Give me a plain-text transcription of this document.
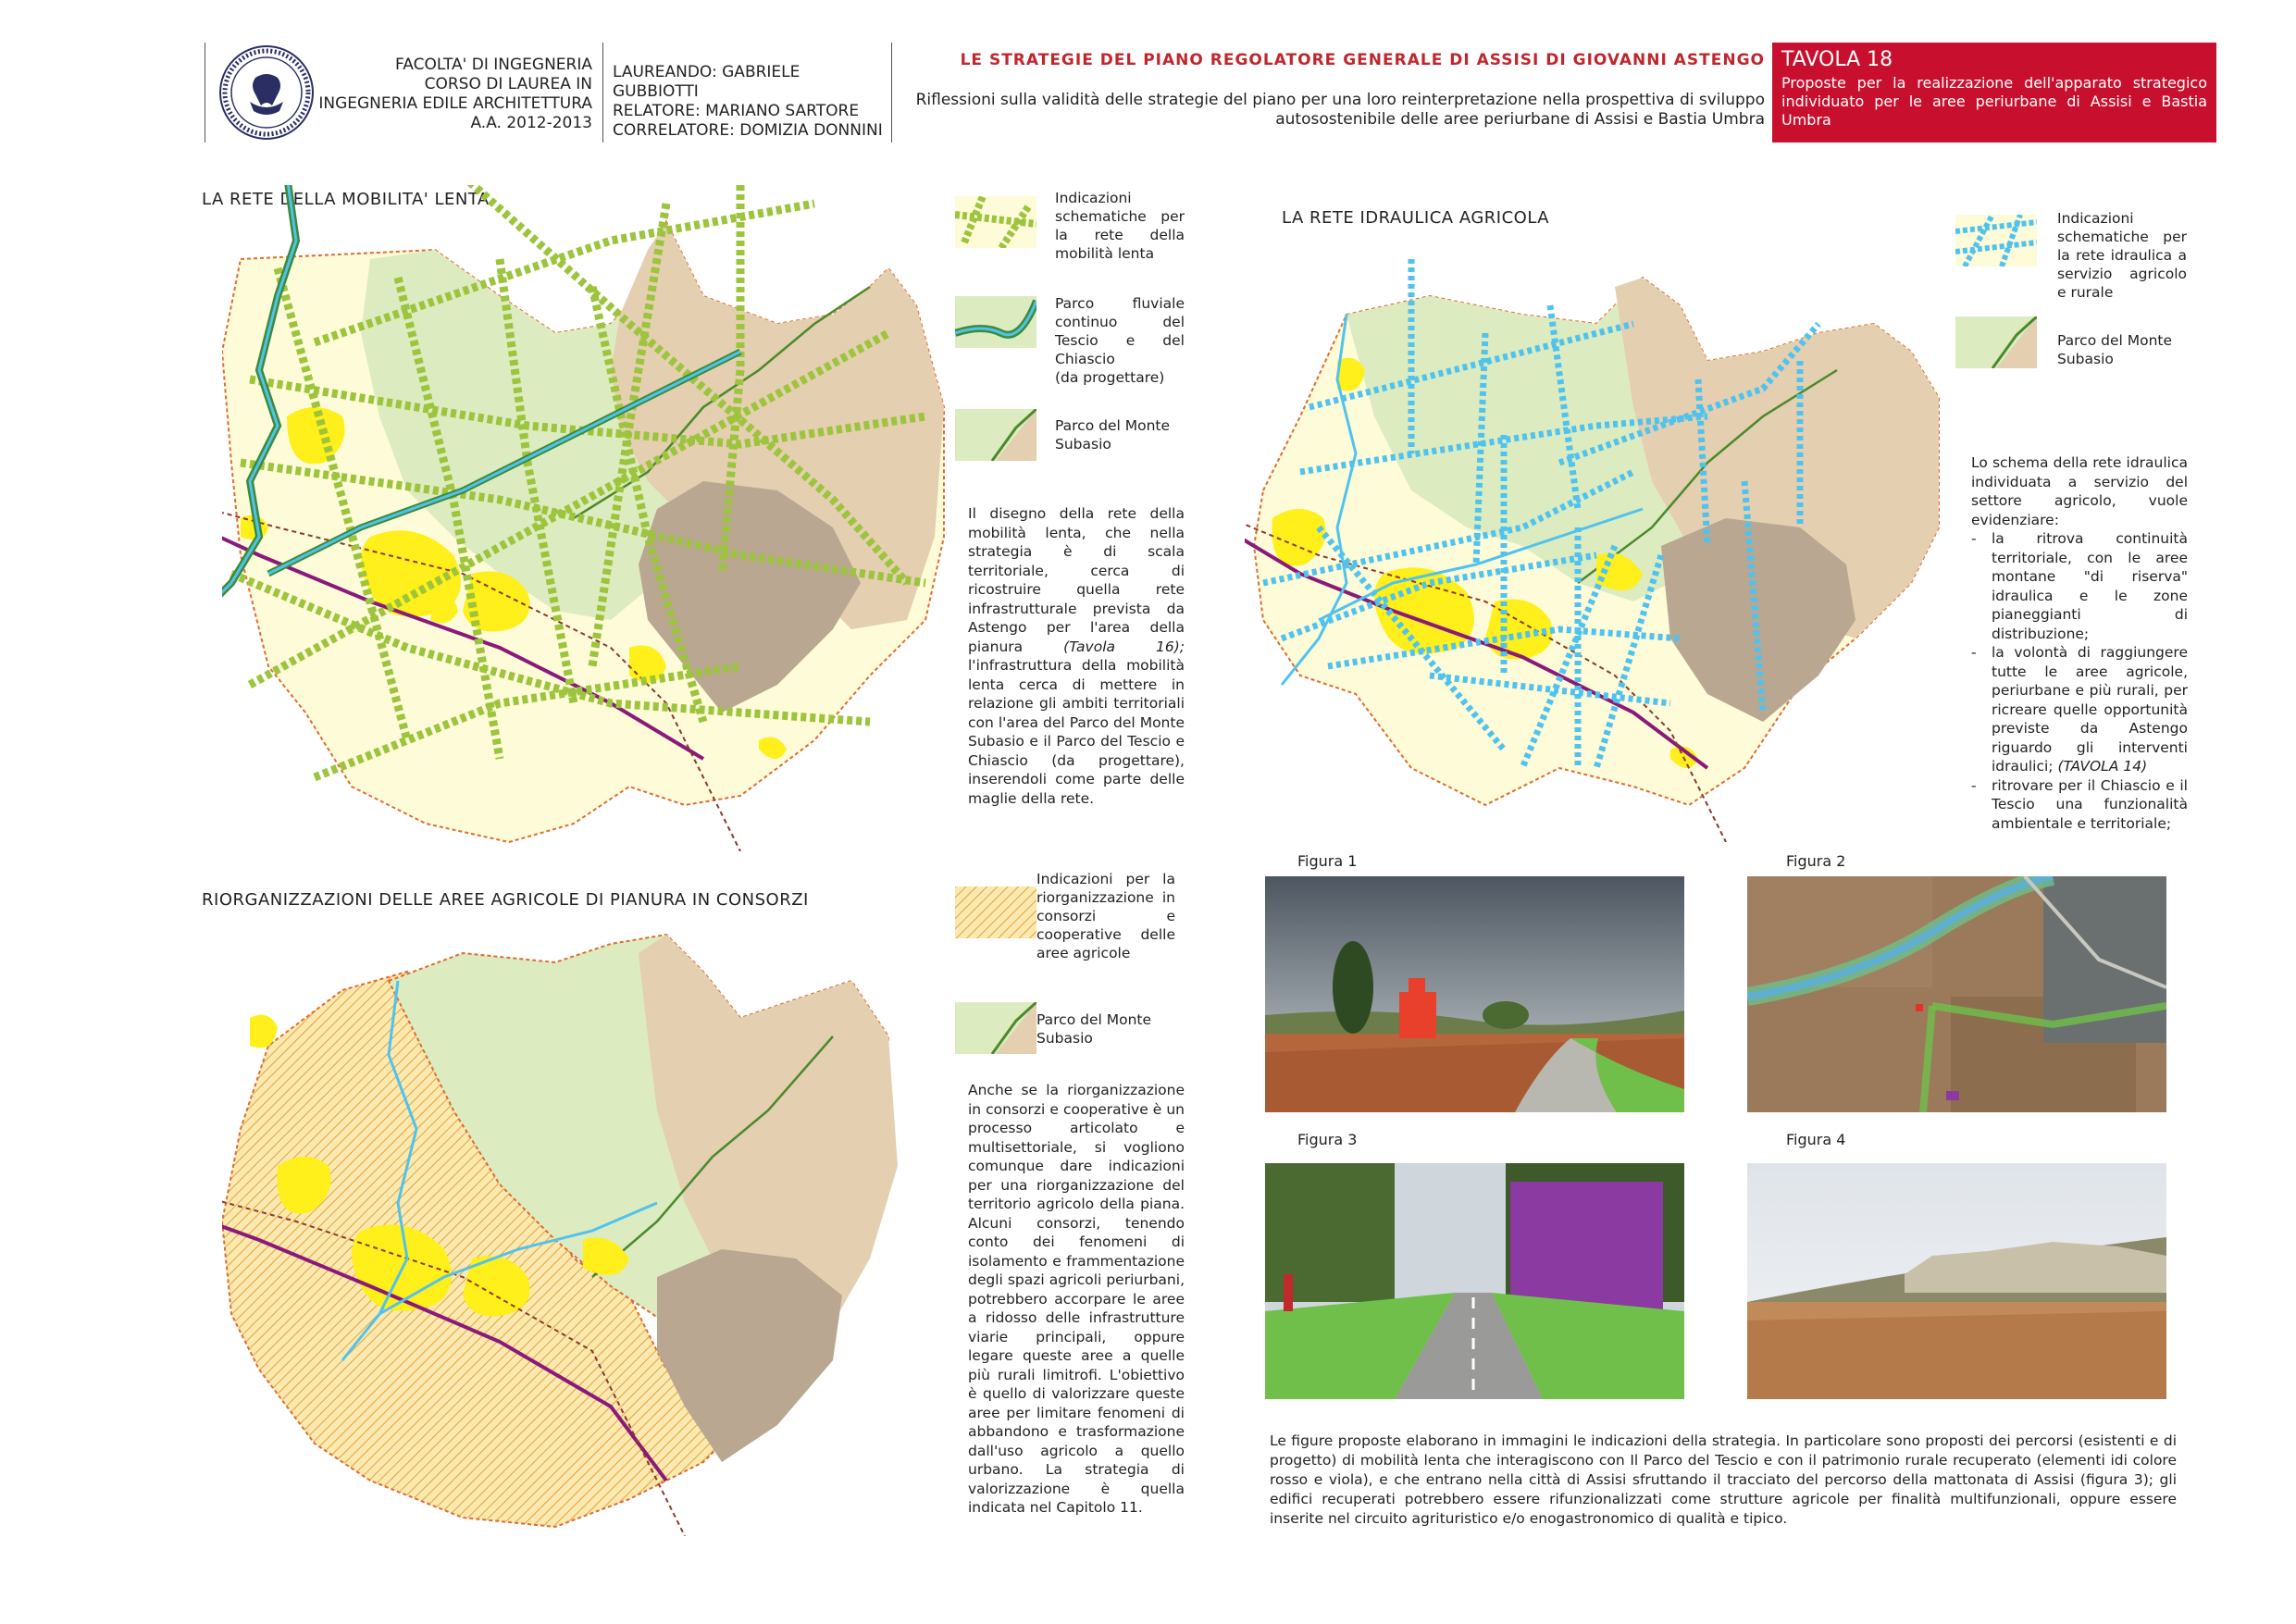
FACOLTA' DI INGEGNERIA
CORSO DI LAUREA IN
INGEGNERIA EDILE ARCHITETTURA
A.A. 2012-2013
LAUREANDO: GABRIELE GUBBIOTTI
RELATORE: MARIANO SARTORE
CORRELATORE: DOMIZIA DONNINI
LE STRATEGIE DEL PIANO REGOLATORE GENERALE DI ASSISI DI GIOVANNI ASTENGO
Riflessioni sulla validità delle strategie del piano per una loro reinterpretazione nella prospettiva di sviluppo
autosostenibile delle aree periurbane di Assisi e Bastia Umbra
TAVOLA 18
Proposte per la realizzazione dell'apparato strategico individuato per le aree periurbane di Assisi e Bastia Umbra
LA RETE DELLA MOBILITA' LENTA	Indicazioni schematiche per la rete della mobilità lenta
Parco fluviale continuo del Tescio e del Chiascio
(da progettare)
Parco del Monte Subasio
Il disegno della rete della mobilità lenta, che nella strategia è di scala territoriale, cerca di ricostruire quella rete infrastrutturale prevista da Astengo per l'area della pianura	(Tavola 16); l'infrastruttura della mobilità lenta cerca di mettere in relazione gli ambiti territoriali con l'area del Parco del Monte Subasio e il Parco del Tescio e Chiascio (da progettare), inserendoli come parte delle maglie della rete.
LA RETE IDRAULICA AGRICOLA	Indicazioni schematiche per la rete idraulica a servizio agricolo e rurale
Parco del Monte Subasio
Lo schema della rete idraulica individuata a servizio del settore agricolo, vuole evidenziare:
-	la ritrova continuità territoriale, con le aree montane "di riserva" idraulica e le zone pianeggianti di distribuzione;
-	la volontà di raggiungere tutte le aree agricole, periurbane e più rurali, per ricreare quelle opportunità previste da Astengo riguardo gli interventi idraulici; (TAVOLA 14)
-	ritrovare per il Chiascio e il Tescio una funzionalità ambientale e territoriale;
RIORGANIZZAZIONI DELLE AREE AGRICOLE DI PIANURA IN CONSORZI
Indicazioni per la riorganizzazione in consorzi e cooperative delle aree agricole
Parco del Monte Subasio
Anche se la riorganizzazione in consorzi e cooperative è un processo articolato e multisettoriale, si vogliono comunque dare indicazioni per una riorganizzazione del territorio agricolo della piana. Alcuni consorzi, tenendo conto dei fenomeni di isolamento e frammentazione degli spazi agricoli periurbani, potrebbero accorpare le aree a ridosso delle infrastrutture viarie principali, oppure legare queste aree a quelle più rurali limitrofi. L'obiettivo è quello di valorizzare queste aree per limitare fenomeni di abbandono e trasformazione dall'uso agricolo a quello urbano. La strategia di valorizzazione è quella indicata nel Capitolo 11.
Figura 1	Figura 2
Figura 3	Figura 4
Le figure proposte elaborano in immagini le indicazioni della strategia. In particolare sono proposti dei percorsi (esistenti e di progetto) di mobilità lenta che interagiscono con Il Parco del Tescio e con il patrimonio rurale recuperato (elementi idi colore rosso e viola), e che entrano nella città di Assisi sfruttando il tracciato del percorso della mattonata di Assisi (figura 3); gli edifici recuperati potrebbero essere rifunzionalizzati come strutture agricole per finalità multifunzionali, oppure essere inserite nel circuito agrituristico e/o enogastronomico di qualità e tipico.
